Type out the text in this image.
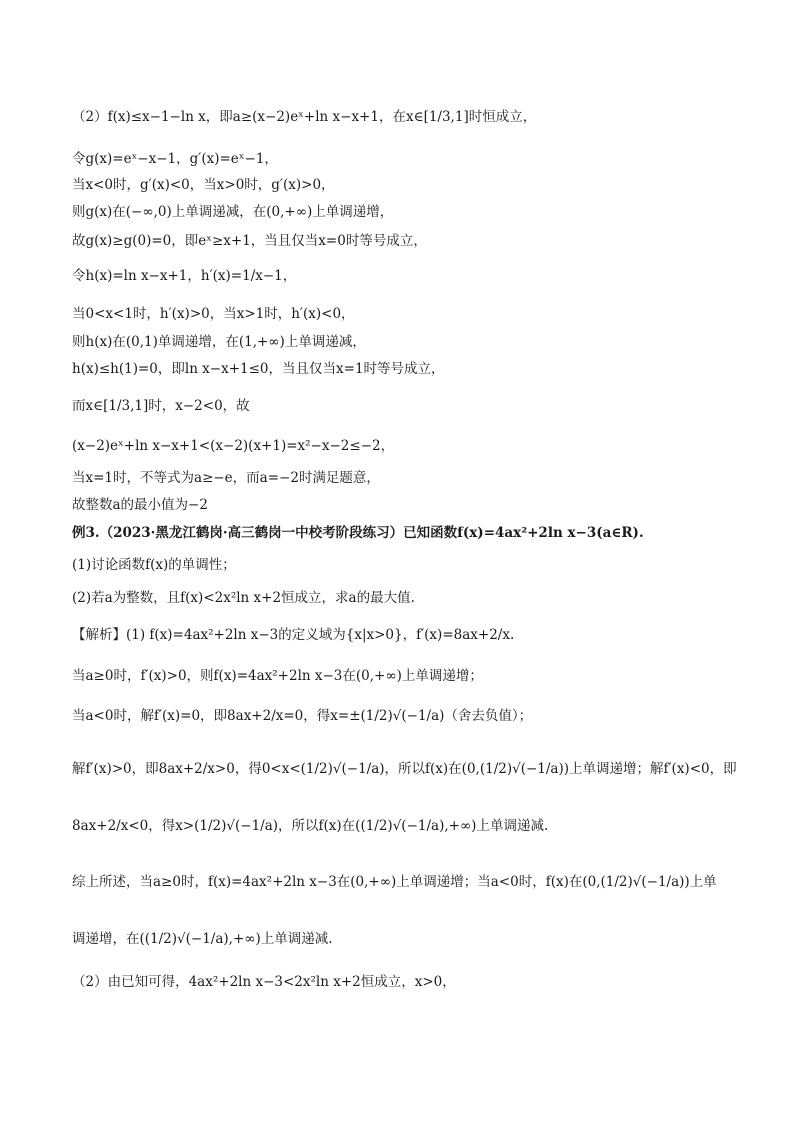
（2）f(x)≤x−1−ln x，即a≥(x−2)eˣ+ln x−x+1，在x∈[1/3,1]时恒成立，
令g(x)=eˣ−x−1，g′(x)=eˣ−1，
当x<0时，g′(x)<0，当x>0时，g′(x)>0，
则g(x)在(−∞,0)上单调递减，在(0,+∞)上单调递增，
故g(x)≥g(0)=0，即eˣ≥x+1，当且仅当x=0时等号成立，
令h(x)=ln x−x+1，h′(x)=1/x−1，
当0<x<1时，h′(x)>0，当x>1时，h′(x)<0，
则h(x)在(0,1)单调递增，在(1,+∞)上单调递减，
h(x)≤h(1)=0，即ln x−x+1≤0，当且仅当x=1时等号成立，
而x∈[1/3,1]时，x−2<0，故
(x−2)eˣ+ln x−x+1<(x−2)(x+1)=x²−x−2≤−2，
当x=1时，不等式为a≥−e，而a=−2时满足题意，
故整数a的最小值为−2
例3.（2023·黑龙江鹤岗·高三鹤岗一中校考阶段练习）已知函数f(x)=4ax²+2ln x−3(a∈R).
(1)讨论函数f(x)的单调性；
(2)若a为整数，且f(x)<2x²ln x+2恒成立，求a的最大值.
【解析】(1) f(x)=4ax²+2ln x−3的定义域为{x|x>0}，f′(x)=8ax+2/x.
当a≥0时，f′(x)>0，则f(x)=4ax²+2ln x−3在(0,+∞)上单调递增；
当a<0时，解f′(x)=0，即8ax+2/x=0，得x=±(1/2)√(−1/a)（舍去负值）；
解f′(x)>0，即8ax+2/x>0，得0<x<(1/2)√(−1/a)，所以f(x)在(0,(1/2)√(−1/a))上单调递增；解f′(x)<0，即
8ax+2/x<0，得x>(1/2)√(−1/a)，所以f(x)在((1/2)√(−1/a),+∞)上单调递减.
综上所述，当a≥0时，f(x)=4ax²+2ln x−3在(0,+∞)上单调递增；当a<0时，f(x)在(0,(1/2)√(−1/a))上单
调递增，在((1/2)√(−1/a),+∞)上单调递减.
（2）由已知可得，4ax²+2ln x−3<2x²ln x+2恒成立，x>0，
